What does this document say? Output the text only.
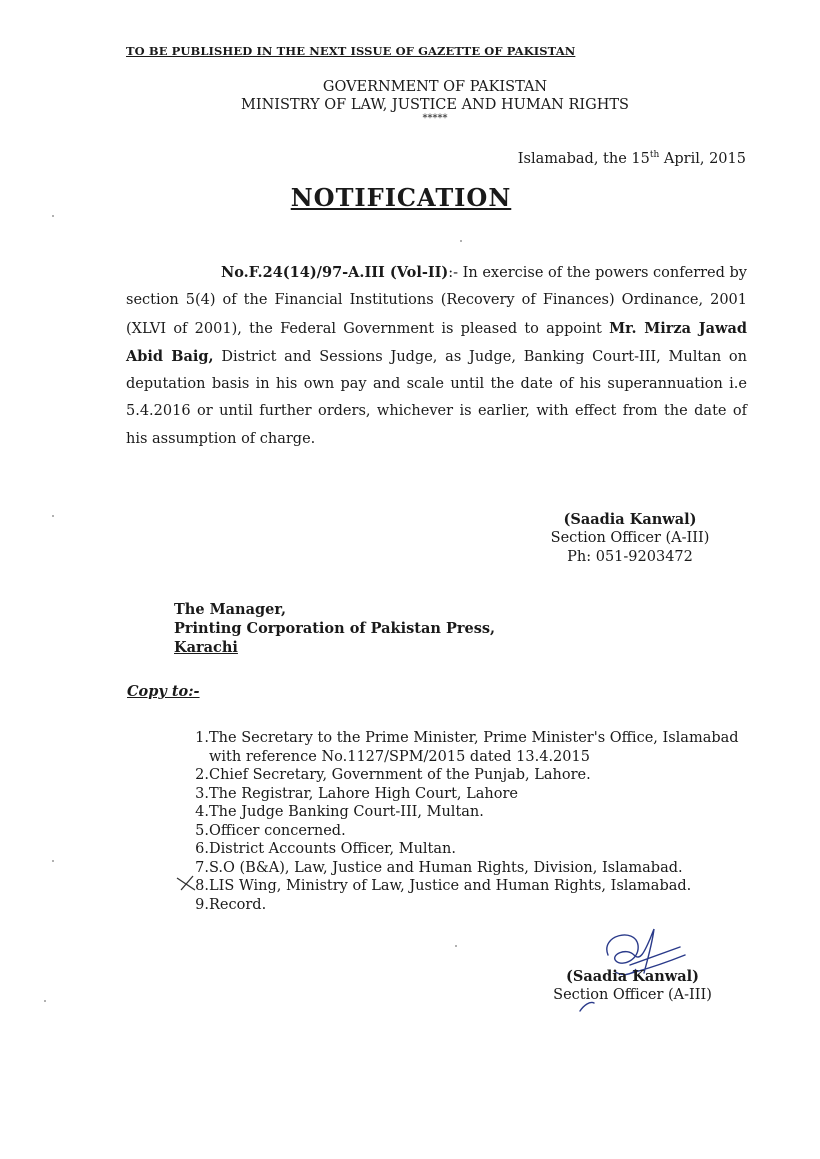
TO BE PUBLISHED IN THE NEXT ISSUE OF GAZETTE OF PAKISTAN
GOVERNMENT OF PAKISTAN
MINISTRY OF LAW, JUSTICE AND HUMAN RIGHTS
*****
Islamabad, the 15th April, 2015
NOTIFICATION
No.F.24(14)/97-A.III (Vol-II):- In exercise of the powers conferred by section 5(4) of the Financial Institutions (Recovery of Finances) Ordinance, 2001 (XLVI of 2001), the Federal Government is pleased to appoint Mr. Mirza Jawad Abid Baig, District and Sessions Judge, as Judge, Banking Court-III, Multan on deputation basis in his own pay and scale until the date of his superannuation i.e 5.4.2016 or until further orders, whichever is earlier, with effect from the date of his assumption of charge.
(Saadia Kanwal)
Section Officer (A-III)
Ph: 051-9203472
The Manager,
Printing Corporation of Pakistan Press,
Karachi
Copy to:-
1. The Secretary to the Prime Minister, Prime Minister's Office, Islamabad
with reference No.1127/SPM/2015 dated 13.4.2015
2. Chief Secretary, Government of the Punjab, Lahore.
3. The Registrar, Lahore High Court, Lahore
4. The Judge Banking Court-III, Multan.
5. Officer concerned.
6. District Accounts Officer, Multan.
7. S.O (B&A), Law, Justice and Human Rights, Division, Islamabad.
8. LIS Wing, Ministry of Law, Justice and Human Rights, Islamabad.
9. Record.
(Saadia Kanwal)
Section Officer (A-III)
